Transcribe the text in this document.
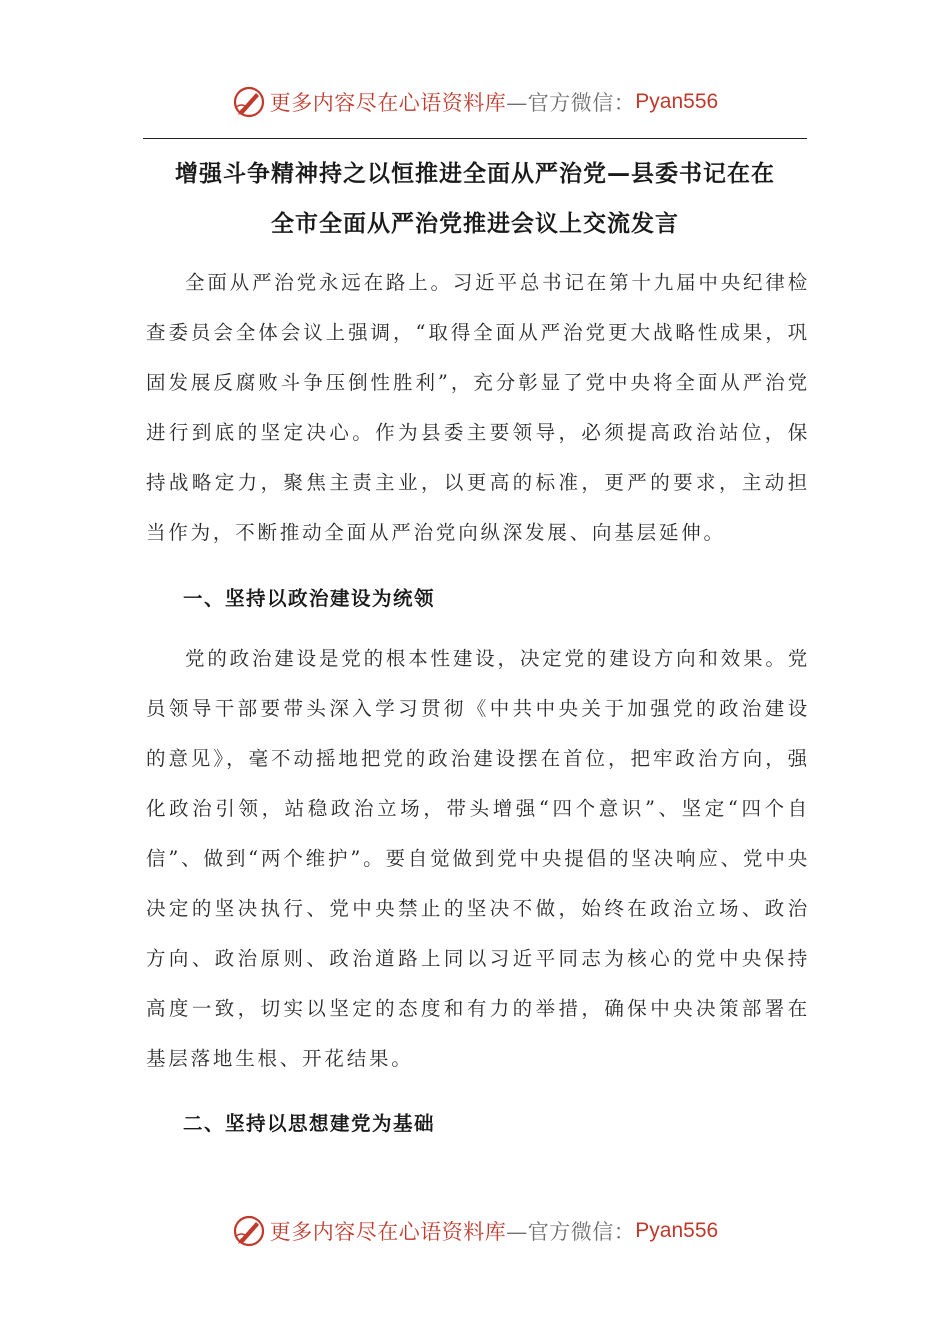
更多内容尽在心语资料库 —官方微信： Pyan556
增强斗争精神持之以恒推进全面从严治党—县委书记在在
全市全面从严治党推进会议上交流发言

全面从严治党永远在路上。习近平总书记在第十九届中央纪律检查委员会全体会议上强调，“取得全面从严治党更大战略性成果，巩固发展反腐败斗争压倒性胜利”，充分彰显了党中央将全面从严治党进行到底的坚定决心。作为县委主要领导，必须提高政治站位，保持战略定力，聚焦主责主业，以更高的标准，更严的要求，主动担当作为，不断推动全面从严治党向纵深发展、向基层延伸。

一、坚持以政治建设为统领

党的政治建设是党的根本性建设，决定党的建设方向和效果。党员领导干部要带头深入学习贯彻《中共中央关于加强党的政治建设的意见》，毫不动摇地把党的政治建设摆在首位，把牢政治方向，强化政治引领，站稳政治立场，带头增强“四个意识”、坚定“四个自信”、做到“两个维护”。要自觉做到党中央提倡的坚决响应、党中央决定的坚决执行、党中央禁止的坚决不做，始终在政治立场、政治方向、政治原则、政治道路上同以习近平同志为核心的党中央保持高度一致，切实以坚定的态度和有力的举措，确保中央决策部署在基层落地生根、开花结果。

二、坚持以思想建党为基础
更多内容尽在心语资料库 —官方微信： Pyan556
